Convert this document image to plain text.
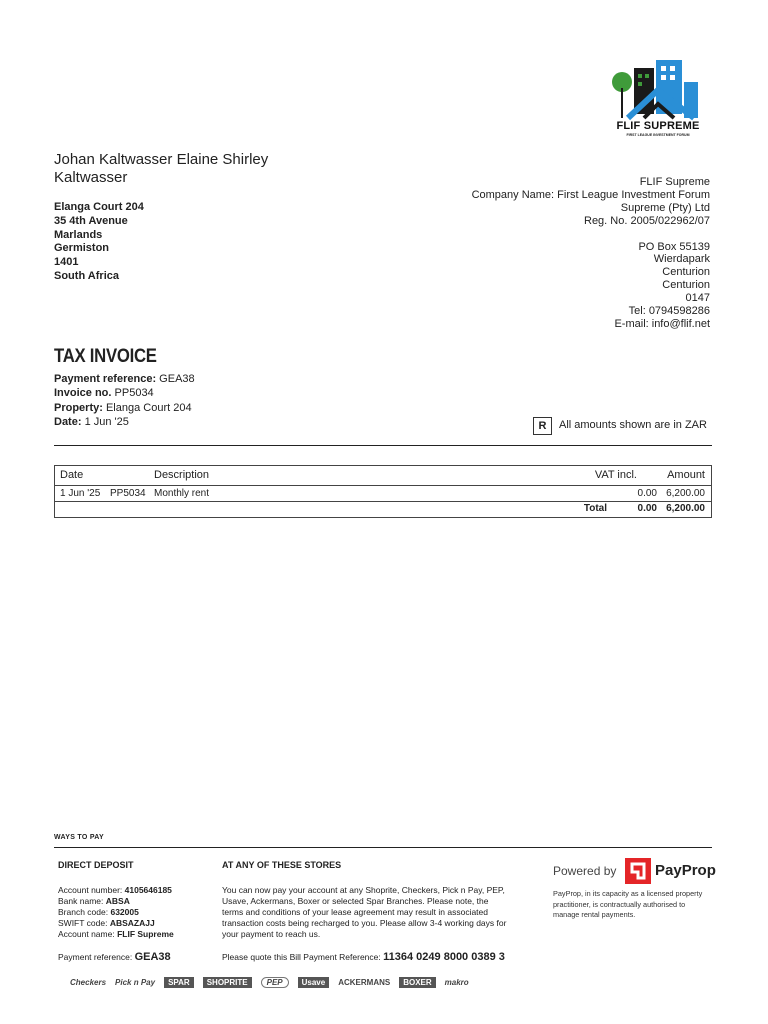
FLIF SUPREME
FIRST LEAGUE INVESTMENT FORUM
Johan Kaltwasser Elaine Shirley Kaltwasser
Elanga Court 204
35 4th Avenue
Marlands
Germiston
1401
South Africa
FLIF Supreme
Company Name: First League Investment Forum
Supreme (Pty) Ltd
Reg. No. 2005/022962/07
PO Box 55139
Wierdapark
Centurion
Centurion
0147
Tel: 0794598286
E-mail: info@flif.net
TAX INVOICE
Payment reference: GEA38
Invoice no. PP5034
Property: Elanga Court 204
Date: 1 Jun '25	R	All amounts shown are in ZAR
Date	Description	VAT incl.	Amount
1 Jun '25 PP5034 Monthly rent	0.00 6,200.00
Total	0.00 6,200.00
WAYS TO PAY
DIRECT DEPOSIT	AT ANY OF THESE STORES
Account number: 4105646185
Bank name: ABSA
Branch code: 632005
SWIFT code: ABSAZAJJ
Account name: FLIF Supreme
You can now pay your account at any Shoprite, Checkers, Pick n Pay, PEP, Usave, Ackermans, Boxer or selected Spar Branches. Please note, the terms and conditions of your lease agreement may result in associated transaction costs being recharged to you. Please allow 3-4 working days for your payment to reach us.
Payment reference: GEA38	Please quote this Bill Payment Reference: 11364 0249 8000 0389 3
Powered by	PayProp
PayProp, in its capacity as a licensed property practitioner, is contractually authorised to manage rental payments.
Checkers Pick n Pay	SPAR	SHOPRITE	PEP	Usave	ACKERMANS	BOXER	makro
